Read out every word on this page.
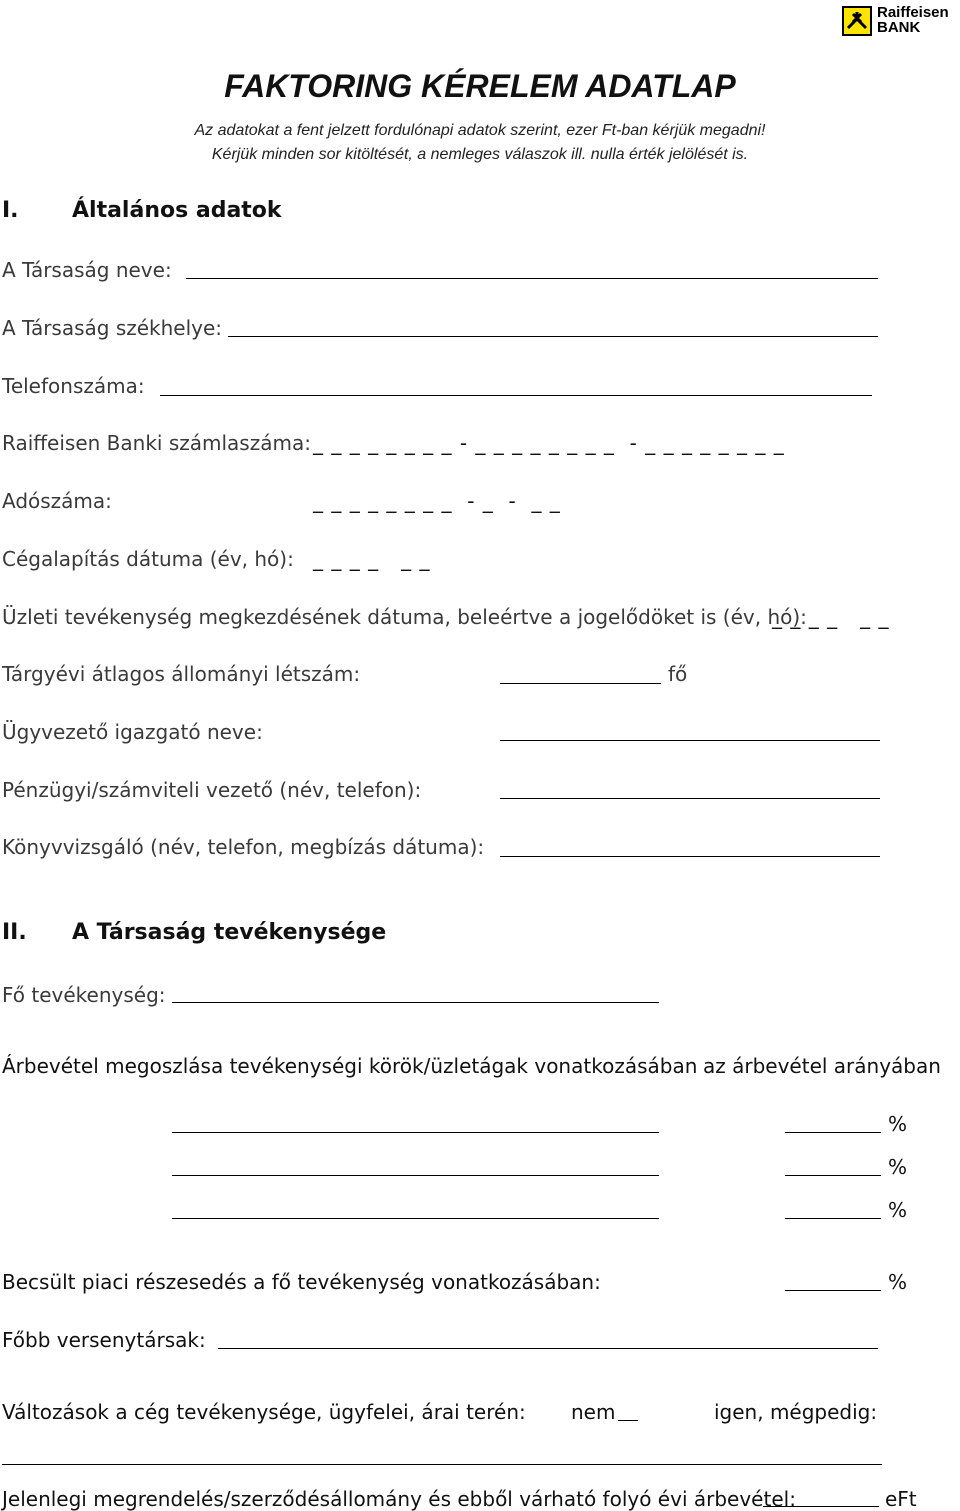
Raiffeisen
BANK
FAKTORING KÉRELEM ADATLAP
Az adatokat a fent jelzett fordulónapi adatok szerint, ezer Ft-ban kérjük megadni!
Kérjük minden sor kitöltését, a nemleges válaszok ill. nulla érték jelölését is.
I. Általános adatok
A Társaság neve:
A Társaság székhelye:
Telefonszáma:
Raiffeisen Banki számlaszáma: _ _ _ _ _ _ _ _ - _ _ _ _ _ _ _ _  - _ _ _ _ _ _ _ _
Adószáma:	_ _ _ _ _ _ _ _  - _  -  _ _
Cégalapítás dátuma (év, hó): _ _ _ _   _ _
Üzleti tevékenység megkezdésének dátuma, beleértve a jogelődöket is (év, hó):
_ _ _ _   _ _
Tárgyévi átlagos állományi létszám:	fő
Ügyvezető igazgató neve:
Pénzügyi/számviteli vezető (név, telefon):
Könyvvizsgáló (név, telefon, megbízás dátuma):
II. A Társaság tevékenysége
Fő tevékenység:
Árbevétel megoszlása tevékenységi körök/üzletágak vonatkozásában az árbevétel arányában
%
%
%
Becsült piaci részesedés a fő tevékenység vonatkozásában:	%
Főbb versenytársak:
Változások a cég tevékenysége, ügyfelei, árai terén: nem	igen, mégpedig:
Jelenlegi megrendelés/szerződésállomány és ebből várható folyó évi árbevétel:	eFt
